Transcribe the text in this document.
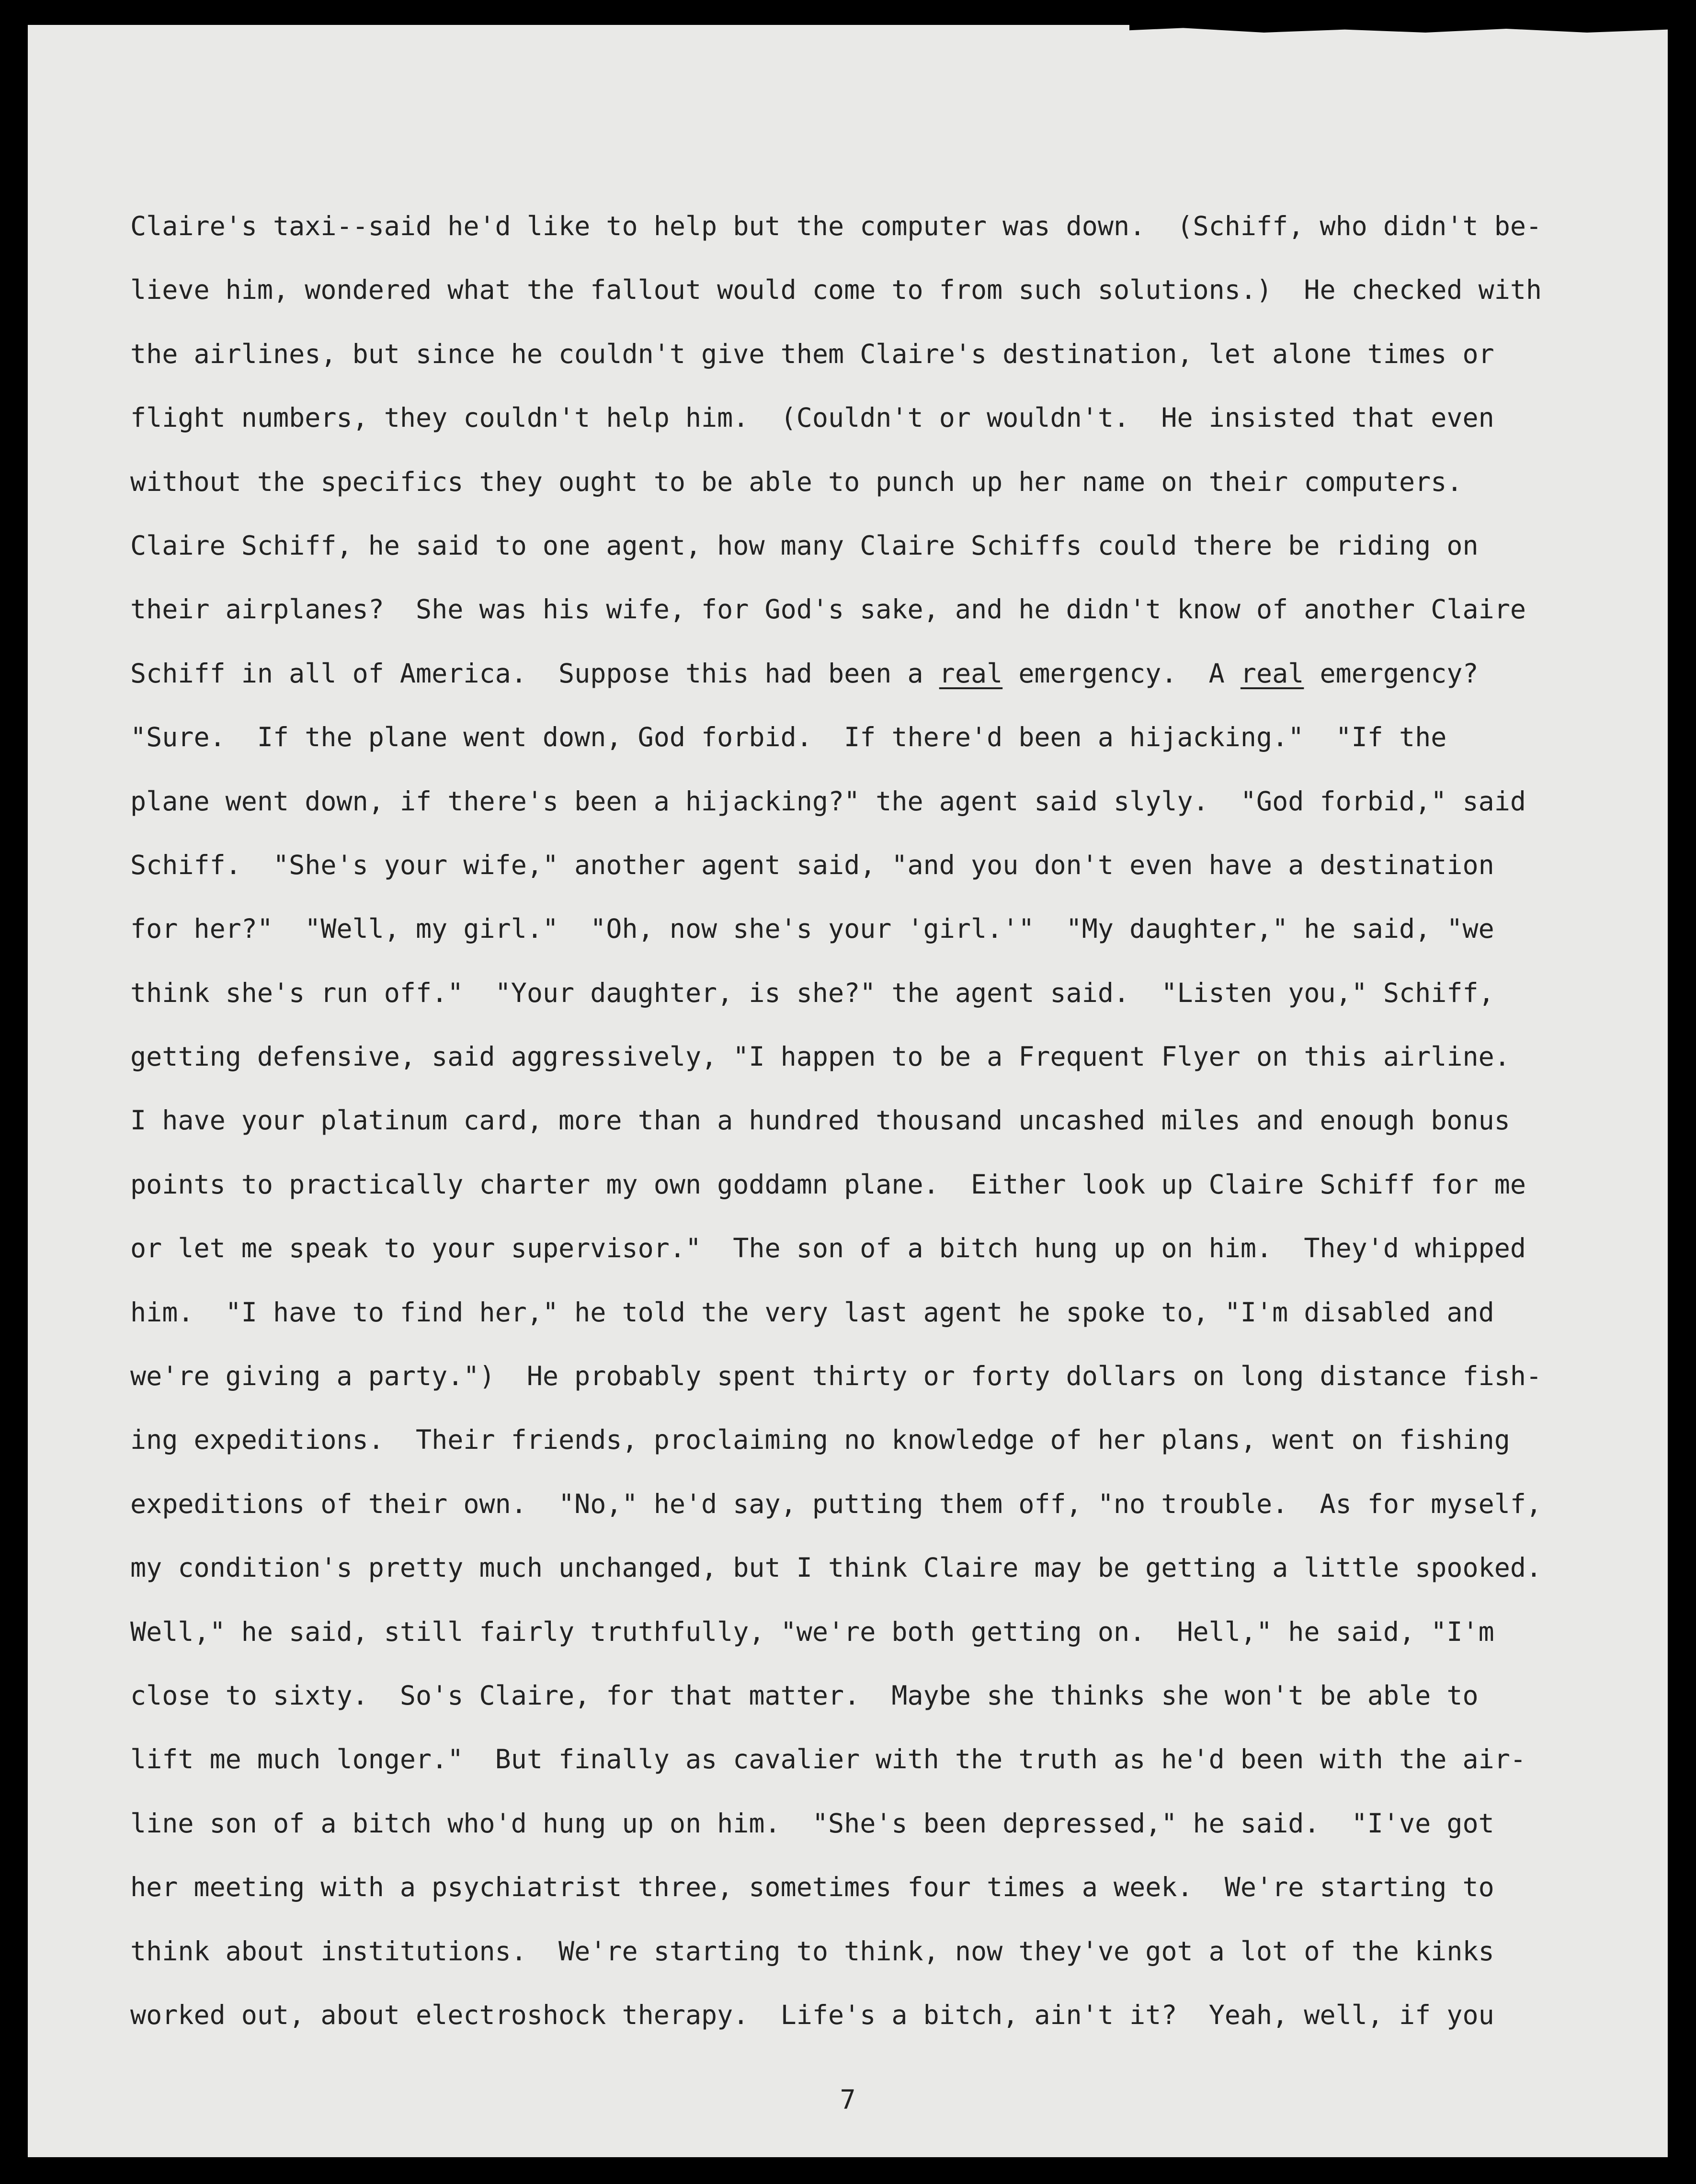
Claire's taxi--said he'd like to help but the computer was down.  (Schiff, who didn't be-
lieve him, wondered what the fallout would come to from such solutions.)  He checked with
the airlines, but since he couldn't give them Claire's destination, let alone times or
flight numbers, they couldn't help him.  (Couldn't or wouldn't.  He insisted that even
without the specifics they ought to be able to punch up her name on their computers.
Claire Schiff, he said to one agent, how many Claire Schiffs could there be riding on
their airplanes?  She was his wife, for God's sake, and he didn't know of another Claire
Schiff in all of America.  Suppose this had been a real emergency.  A real emergency?
"Sure.  If the plane went down, God forbid.  If there'd been a hijacking."  "If the
plane went down, if there's been a hijacking?" the agent said slyly.  "God forbid," said
Schiff.  "She's your wife," another agent said, "and you don't even have a destination
for her?"  "Well, my girl."  "Oh, now she's your 'girl.'"  "My daughter," he said, "we
think she's run off."  "Your daughter, is she?" the agent said.  "Listen you," Schiff,
getting defensive, said aggressively, "I happen to be a Frequent Flyer on this airline.
I have your platinum card, more than a hundred thousand uncashed miles and enough bonus
points to practically charter my own goddamn plane.  Either look up Claire Schiff for me
or let me speak to your supervisor."  The son of a bitch hung up on him.  They'd whipped
him.  "I have to find her," he told the very last agent he spoke to, "I'm disabled and
we're giving a party.")  He probably spent thirty or forty dollars on long distance fish-
ing expeditions.  Their friends, proclaiming no knowledge of her plans, went on fishing
expeditions of their own.  "No," he'd say, putting them off, "no trouble.  As for myself,
my condition's pretty much unchanged, but I think Claire may be getting a little spooked.
Well," he said, still fairly truthfully, "we're both getting on.  Hell," he said, "I'm
close to sixty.  So's Claire, for that matter.  Maybe she thinks she won't be able to
lift me much longer."  But finally as cavalier with the truth as he'd been with the air-
line son of a bitch who'd hung up on him.  "She's been depressed," he said.  "I've got
her meeting with a psychiatrist three, sometimes four times a week.  We're starting to
think about institutions.  We're starting to think, now they've got a lot of the kinks
worked out, about electroshock therapy.  Life's a bitch, ain't it?  Yeah, well, if you
7
